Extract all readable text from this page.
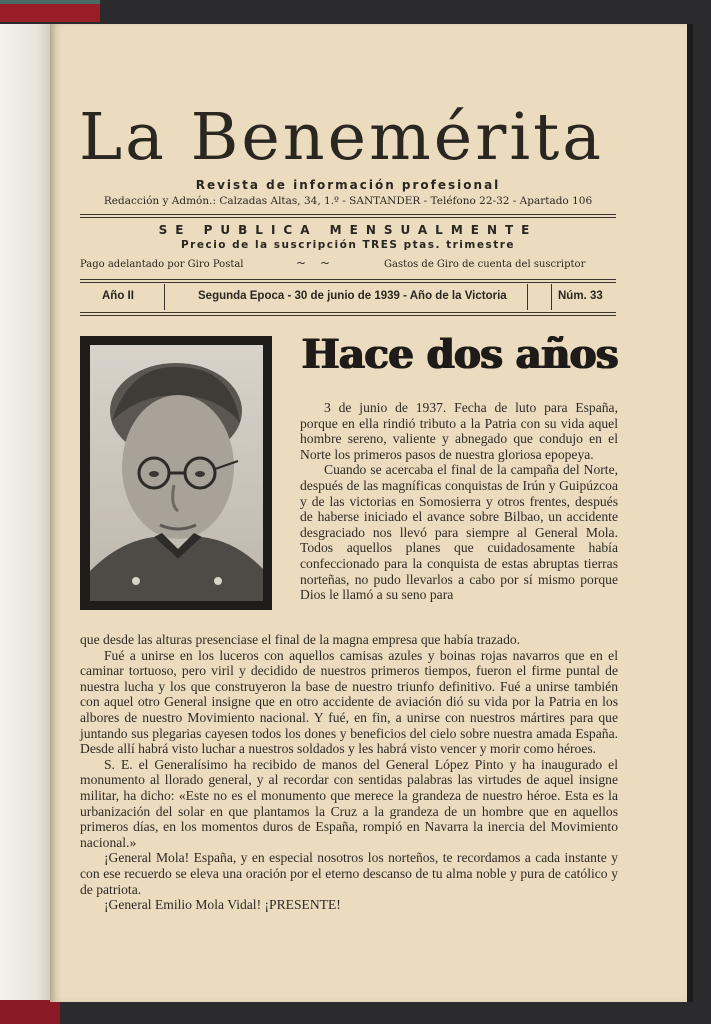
La Benemérita
Revista de información profesional
Redacción y Admón.: Calzadas Altas, 34, 1.º - SANTANDER - Teléfono 22-32 - Apartado 106
SE PUBLICA MENSUALMENTE
Precio de la suscripción TRES ptas. trimestre
Pago adelantado por Giro Postal	~~	Gastos de Giro de cuenta del suscriptor
Año II	Segunda Epoca - 30 de junio de 1939 - Año de la Victoria	Núm. 33
Hace dos años

3 de junio de 1937. Fecha de luto para España, porque en ella rindió tributo a la Patria con su vida aquel hombre sereno, valiente y abnegado que condujo en el Norte los primeros pasos de nuestra gloriosa epopeya.

Cuando se acercaba el final de la campaña del Norte, después de las magníficas conquistas de Irún y Guipúzcoa y de las victorias en Somosierra y otros frentes, después de haberse iniciado el avance sobre Bilbao, un accidente desgraciado nos llevó para siempre al General Mola. Todos aquellos planes que cuidadosamente había confeccionado para la conquista de estas abruptas tierras norteñas, no pudo llevarlos a cabo por sí mismo porque Dios le llamó a su seno para

que desde las alturas presenciase el final de la magna empresa que había trazado.

Fué a unirse en los luceros con aquellos camisas azules y boinas rojas navarros que en el caminar tortuoso, pero viril y decidido de nuestros primeros tiempos, fueron el firme puntal de nuestra lucha y los que construyeron la base de nuestro triunfo definitivo. Fué a unirse también con aquel otro General insigne que en otro accidente de aviación dió su vida por la Patria en los albores de nuestro Movimiento nacional. Y fué, en fin, a unirse con nuestros mártires para que juntando sus plegarias cayesen todos los dones y beneficios del cielo sobre nuestra amada España. Desde allí habrá visto luchar a nuestros soldados y les habrá visto vencer y morir como héroes.

S. E. el Generalísimo ha recibido de manos del General López Pinto y ha inaugurado el monumento al llorado general, y al recordar con sentidas palabras las virtudes de aquel insigne militar, ha dicho: «Este no es el monumento que merece la grandeza de nuestro héroe. Esta es la urbanización del solar en que plantamos la Cruz a la grandeza de un hombre que en aquellos primeros días, en los momentos duros de España, rompió en Navarra la inercia del Movimiento nacional.»

¡General Mola! España, y en especial nosotros los norteños, te recordamos a cada instante y con ese recuerdo se eleva una oración por el eterno descanso de tu alma noble y pura de católico y de patriota.

¡General Emilio Mola Vidal! ¡PRESENTE!
